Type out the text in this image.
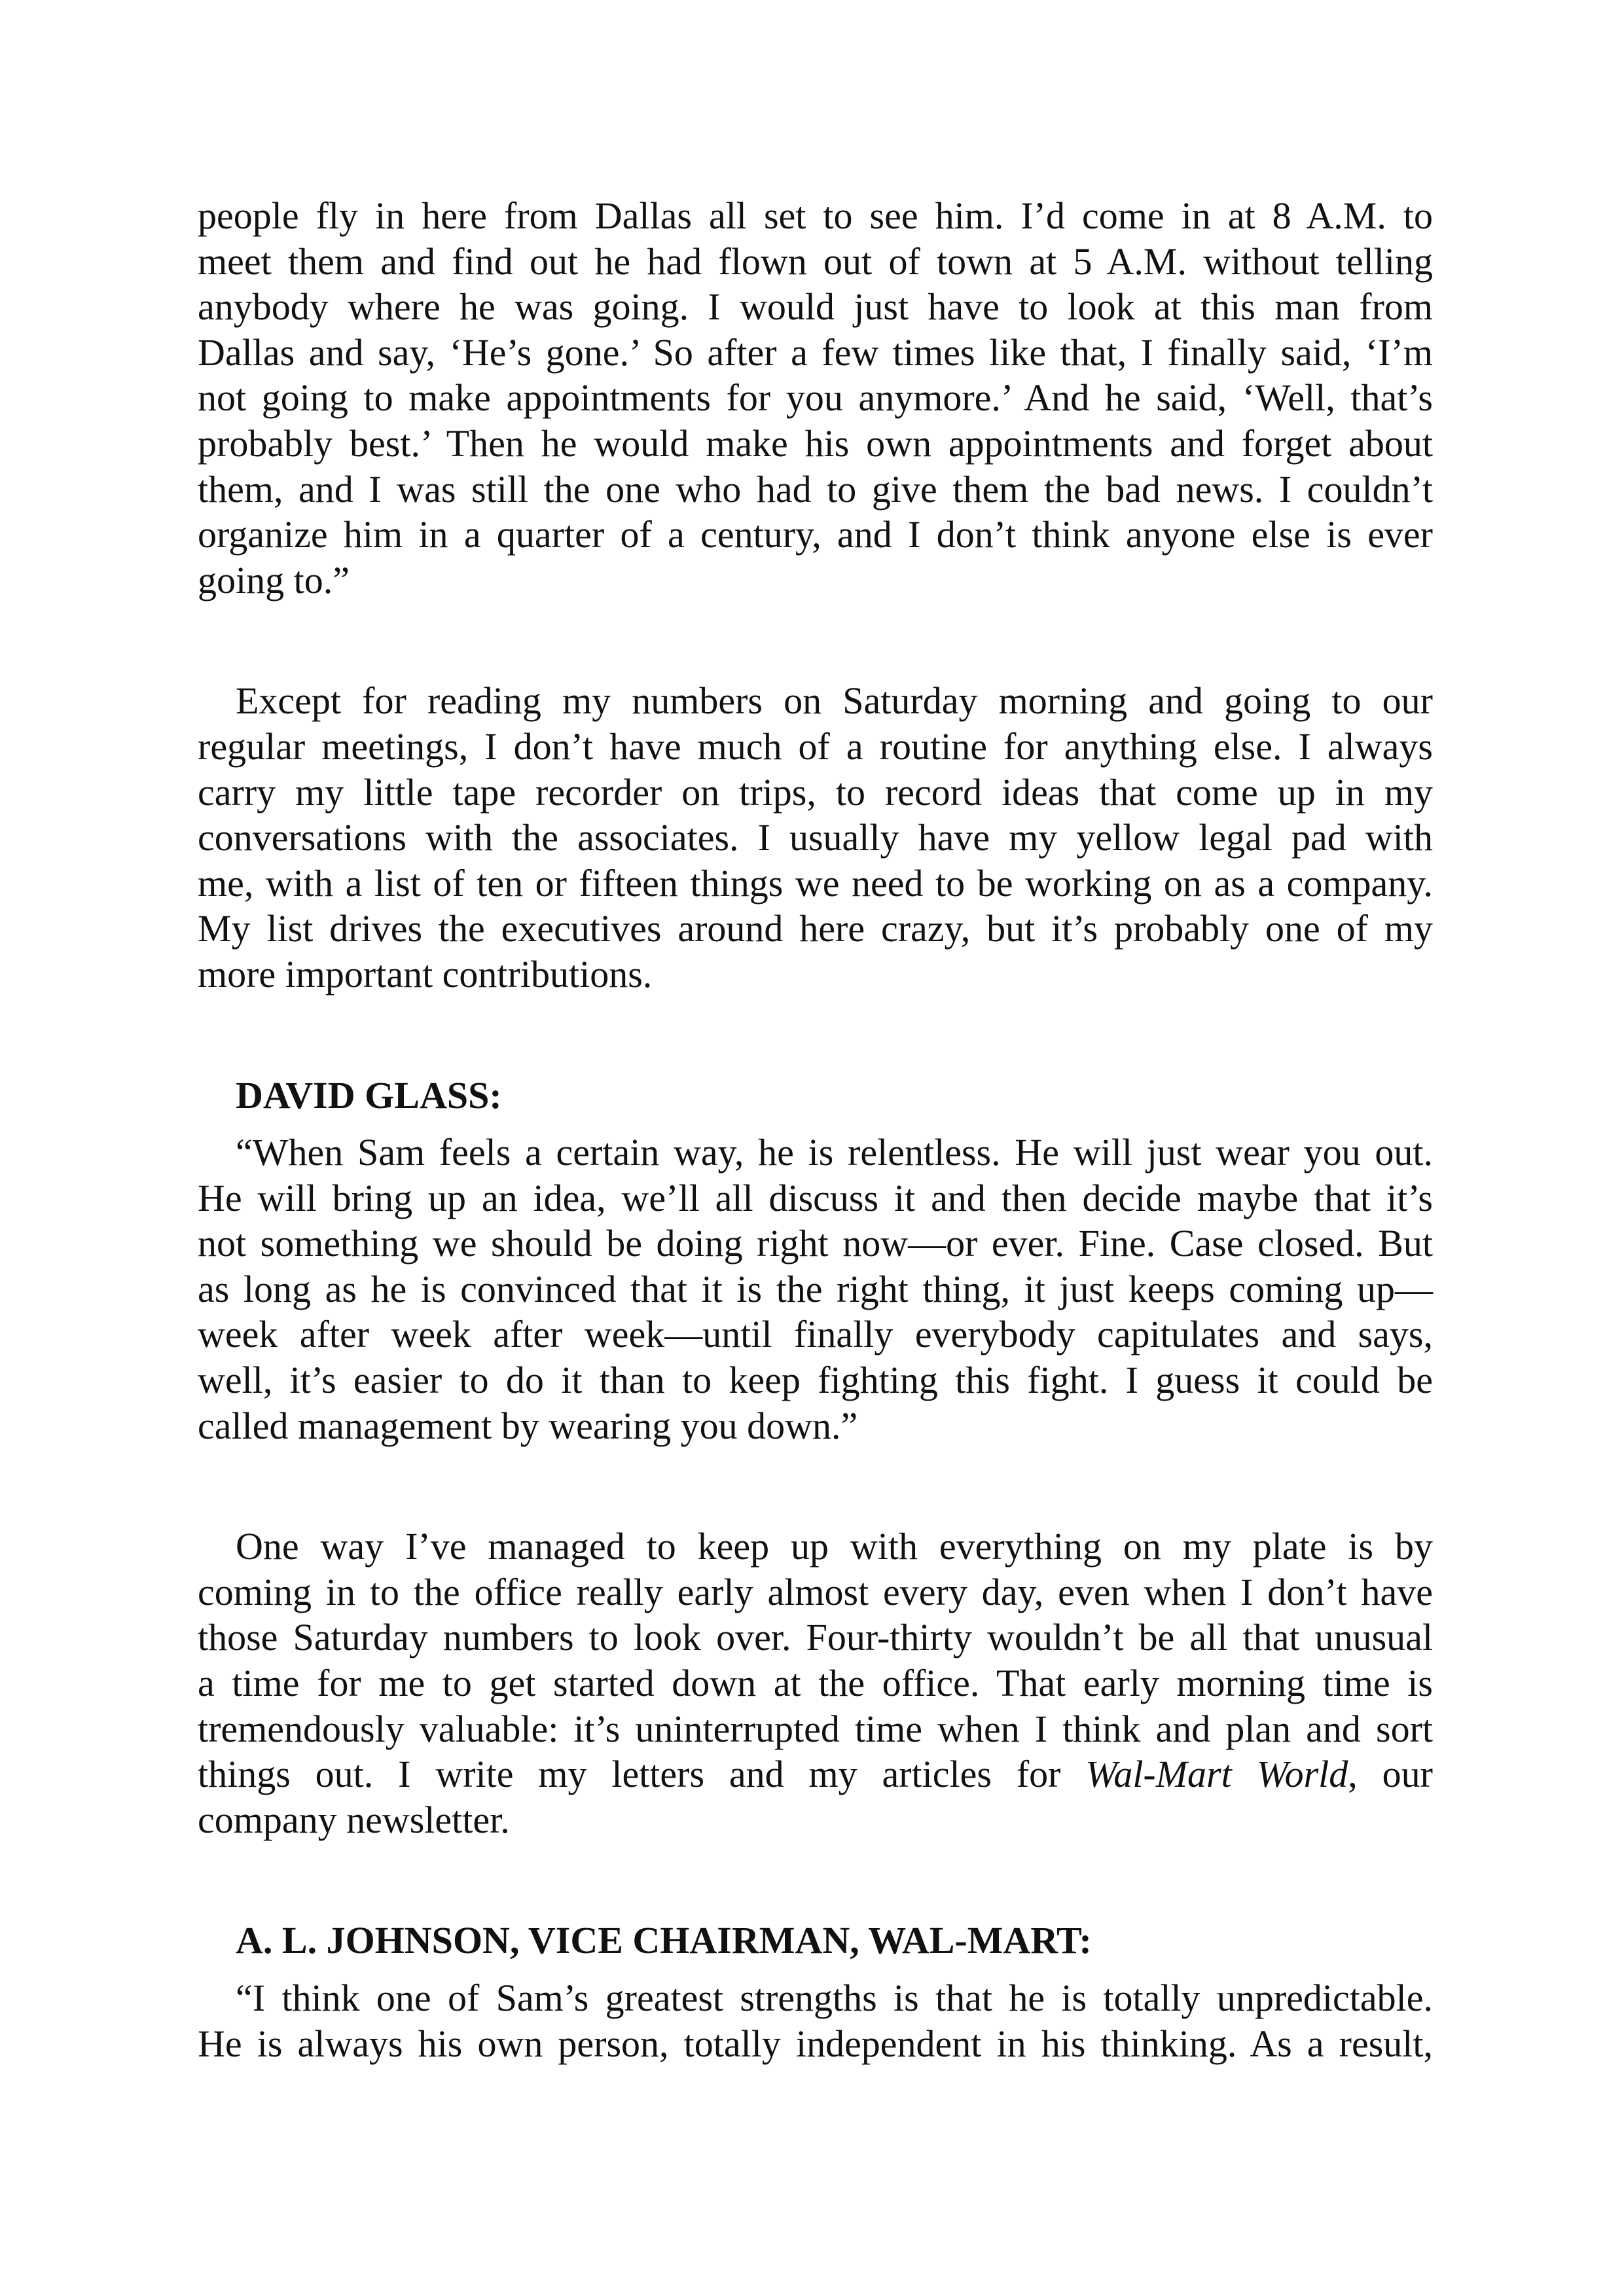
people fly in here from Dallas all set to see him. I’d come in at 8 A.M. to
meet them and find out he had flown out of town at 5 A.M. without telling
anybody where he was going. I would just have to look at this man from
Dallas and say, ‘He’s gone.’ So after a few times like that, I finally said, ‘I’m
not going to make appointments for you anymore.’ And he said, ‘Well, that’s
probably best.’ Then he would make his own appointments and forget about
them, and I was still the one who had to give them the bad news. I couldn’t
organize him in a quarter of a century, and I don’t think anyone else is ever
going to.”
Except for reading my numbers on Saturday morning and going to our
regular meetings, I don’t have much of a routine for anything else. I always
carry my little tape recorder on trips, to record ideas that come up in my
conversations with the associates. I usually have my yellow legal pad with
me, with a list of ten or fifteen things we need to be working on as a company.
My list drives the executives around here crazy, but it’s probably one of my
more important contributions.
DAVID GLASS:
“When Sam feels a certain way, he is relentless. He will just wear you out.
He will bring up an idea, we’ll all discuss it and then decide maybe that it’s
not something we should be doing right now—or ever. Fine. Case closed. But
as long as he is convinced that it is the right thing, it just keeps coming up—
week after week after week—until finally everybody capitulates and says,
well, it’s easier to do it than to keep fighting this fight. I guess it could be
called management by wearing you down.”
One way I’ve managed to keep up with everything on my plate is by
coming in to the office really early almost every day, even when I don’t have
those Saturday numbers to look over. Four-thirty wouldn’t be all that unusual
a time for me to get started down at the office. That early morning time is
tremendously valuable: it’s uninterrupted time when I think and plan and sort
things out. I write my letters and my articles for Wal-Mart World, our
company newsletter.
A. L. JOHNSON, VICE CHAIRMAN, WAL-MART:
“I think one of Sam’s greatest strengths is that he is totally unpredictable.
He is always his own person, totally independent in his thinking. As a result,
